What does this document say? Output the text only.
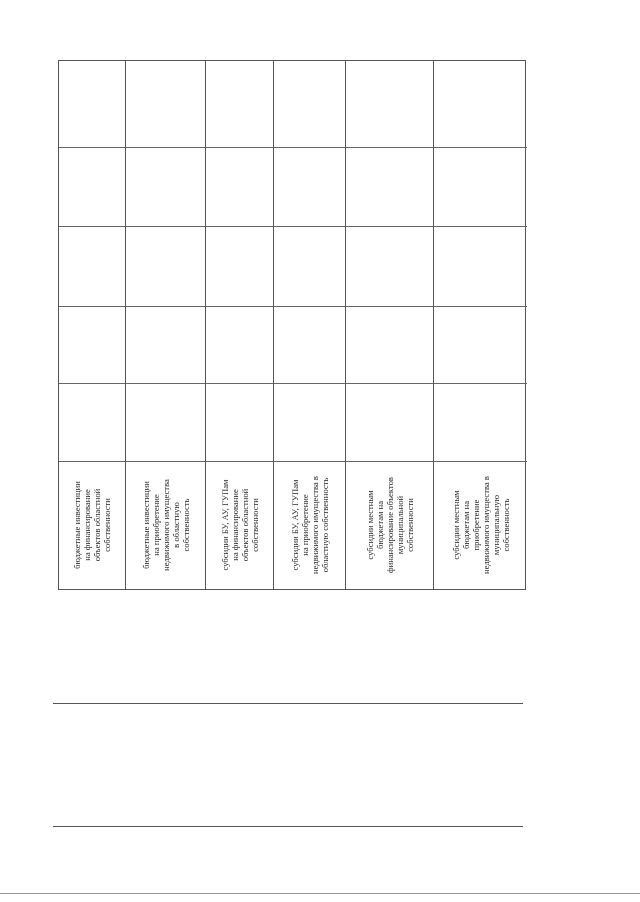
бюджетные инвестиции
на финансирование
объектов областной
собственности	бюджетные инвестиции
на приобретение
недвижимого имущества
в областную
собственность
субсидии БУ, АУ, ГУПам
на финансирование
объектов областной
собственности
субсидии БУ, АУ, ГУПам
на приобретение
недвижимого имущества в
областную собственность
субсидии местным
бюджетам на
финансирование объектов
муниципальной
собственности	субсидии местным
бюджетам на
приобретение
недвижимого имущества в
муниципальную
собственность
